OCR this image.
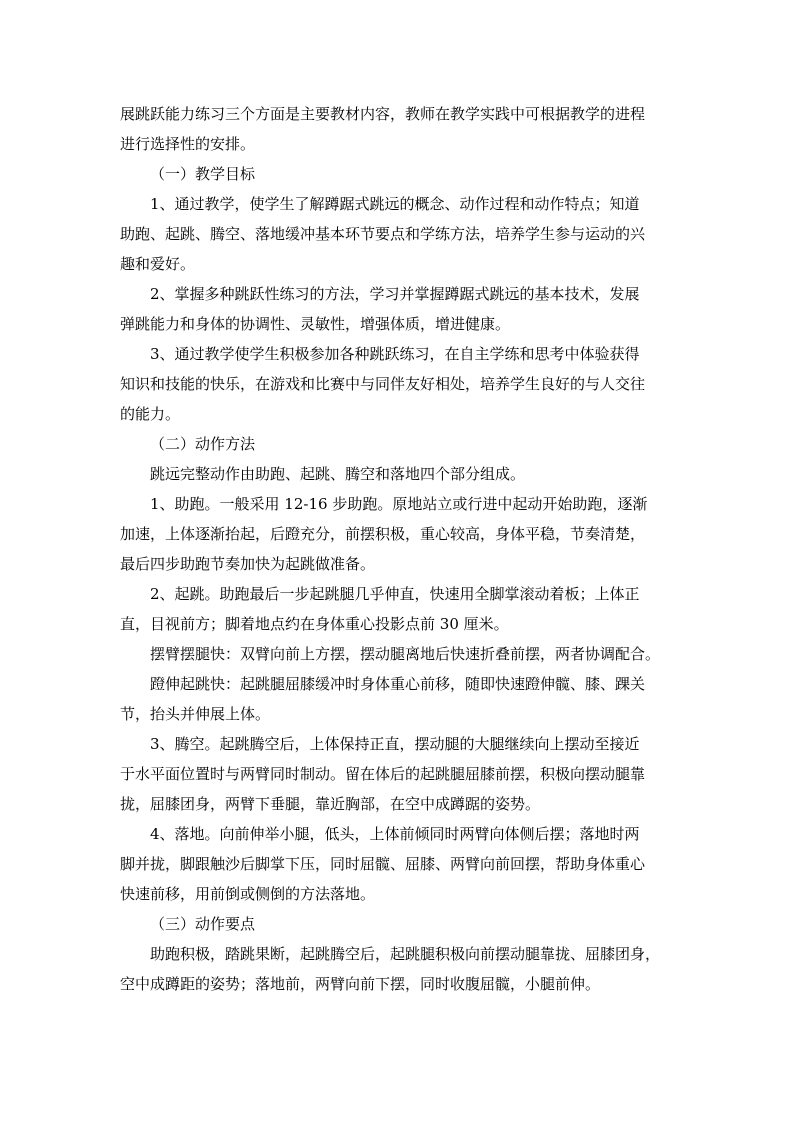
展跳跃能力练习三个方面是主要教材内容，教师在教学实践中可根据教学的进程
进行选择性的安排。
（一）教学目标
1、通过教学，使学生了解蹲踞式跳远的概念、动作过程和动作特点；知道
助跑、起跳、腾空、落地缓冲基本环节要点和学练方法，培养学生参与运动的兴
趣和爱好。
2、掌握多种跳跃性练习的方法，学习并掌握蹲踞式跳远的基本技术，发展
弹跳能力和身体的协调性、灵敏性，增强体质，增进健康。
3、通过教学使学生积极参加各种跳跃练习，在自主学练和思考中体验获得
知识和技能的快乐，在游戏和比赛中与同伴友好相处，培养学生良好的与人交往
的能力。
（二）动作方法
跳远完整动作由助跑、起跳、腾空和落地四个部分组成。
1、助跑。一般采用 12-16 步助跑。原地站立或行进中起动开始助跑，逐渐
加速，上体逐渐抬起，后蹬充分，前摆积极，重心较高，身体平稳，节奏清楚，
最后四步助跑节奏加快为起跳做准备。
2、起跳。助跑最后一步起跳腿几乎伸直，快速用全脚掌滚动着板；上体正
直，目视前方；脚着地点约在身体重心投影点前 30 厘米。
摆臂摆腿快：双臂向前上方摆，摆动腿离地后快速折叠前摆，两者协调配合。
蹬伸起跳快：起跳腿屈膝缓冲时身体重心前移，随即快速蹬伸髋、膝、踝关
节，抬头并伸展上体。
3、腾空。起跳腾空后，上体保持正直，摆动腿的大腿继续向上摆动至接近
于水平面位置时与两臂同时制动。留在体后的起跳腿屈膝前摆，积极向摆动腿靠
拢，屈膝团身，两臂下垂腿，靠近胸部，在空中成蹲踞的姿势。
4、落地。向前伸举小腿，低头，上体前倾同时两臂向体侧后摆；落地时两
脚并拢，脚跟触沙后脚掌下压，同时屈髋、屈膝、两臂向前回摆，帮助身体重心
快速前移，用前倒或侧倒的方法落地。
（三）动作要点
助跑积极，踏跳果断，起跳腾空后，起跳腿积极向前摆动腿靠拢、屈膝团身，
空中成蹲距的姿势；落地前，两臂向前下摆，同时收腹屈髋，小腿前伸。
